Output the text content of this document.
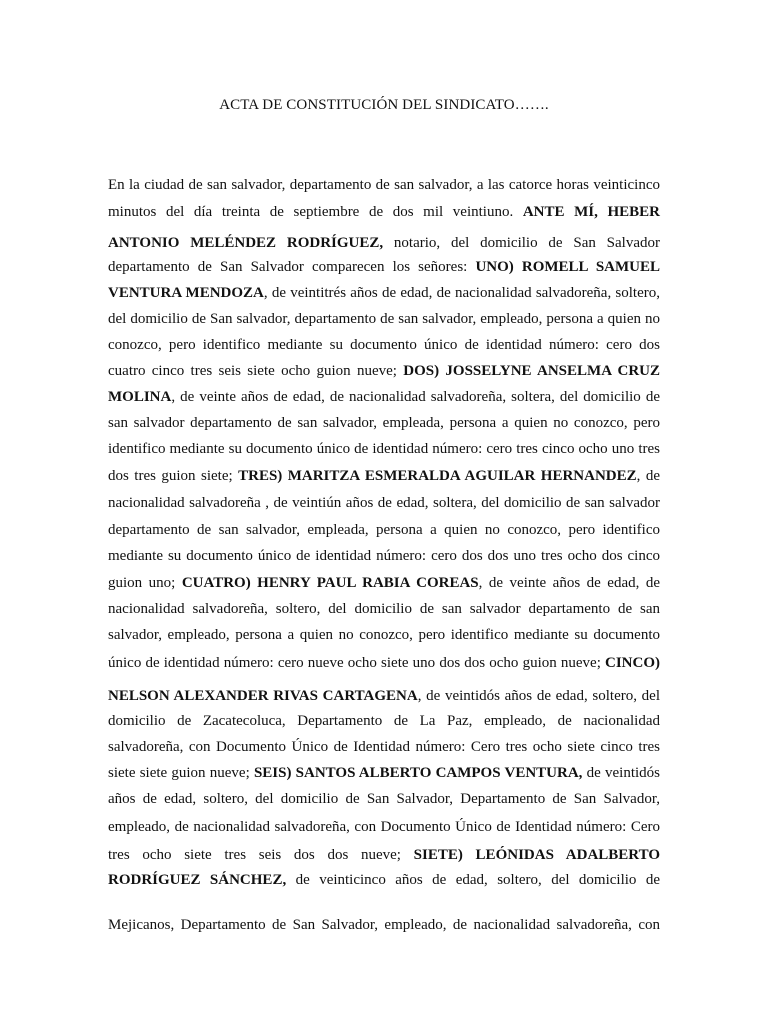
ACTA DE CONSTITUCIÓN DEL SINDICATO…….
En la ciudad de san salvador, departamento de san salvador, a las catorce horas veinticinco
minutos del día treinta de septiembre de dos mil veintiuno. ANTE MÍ, HEBER
ANTONIO MELÉNDEZ RODRÍGUEZ, notario, del domicilio de San Salvador
departamento de San Salvador comparecen los señores: UNO) ROMELL SAMUEL
VENTURA MENDOZA, de veintitrés años de edad, de nacionalidad salvadoreña, soltero,
del domicilio de San salvador, departamento de san salvador, empleado, persona a quien no
conozco, pero identifico mediante su documento único de identidad número: cero dos
cuatro cinco tres seis siete ocho guion nueve; DOS) JOSSELYNE ANSELMA CRUZ
MOLINA, de veinte años de edad, de nacionalidad salvadoreña, soltera, del domicilio de
san salvador departamento de san salvador, empleada, persona a quien no conozco, pero
identifico mediante su documento único de identidad número: cero tres cinco ocho uno tres
dos tres guion siete; TRES) MARITZA ESMERALDA AGUILAR HERNANDEZ, de
nacionalidad salvadoreña , de veintiún años de edad, soltera, del domicilio de san salvador
departamento de san salvador, empleada, persona a quien no conozco, pero identifico
mediante su documento único de identidad número: cero dos dos uno tres ocho dos cinco
guion uno; CUATRO) HENRY PAUL RABIA COREAS, de veinte años de edad, de
nacionalidad salvadoreña, soltero, del domicilio de san salvador departamento de san
salvador, empleado, persona a quien no conozco, pero identifico mediante su documento
único de identidad número: cero nueve ocho siete uno dos dos ocho guion nueve; CINCO)
NELSON ALEXANDER RIVAS CARTAGENA, de veintidós años de edad, soltero, del
domicilio de Zacatecoluca, Departamento de La Paz, empleado, de nacionalidad
salvadoreña, con Documento Único de Identidad número: Cero tres ocho siete cinco tres
siete siete guion nueve; SEIS) SANTOS ALBERTO CAMPOS VENTURA, de veintidós
años de edad, soltero, del domicilio de San Salvador, Departamento de San Salvador,
empleado, de nacionalidad salvadoreña, con Documento Único de Identidad número: Cero
tres ocho siete tres seis dos dos nueve; SIETE) LEÓNIDAS ADALBERTO
RODRÍGUEZ SÁNCHEZ, de veinticinco años de edad, soltero, del domicilio de
Mejicanos, Departamento de San Salvador, empleado, de nacionalidad salvadoreña, con
